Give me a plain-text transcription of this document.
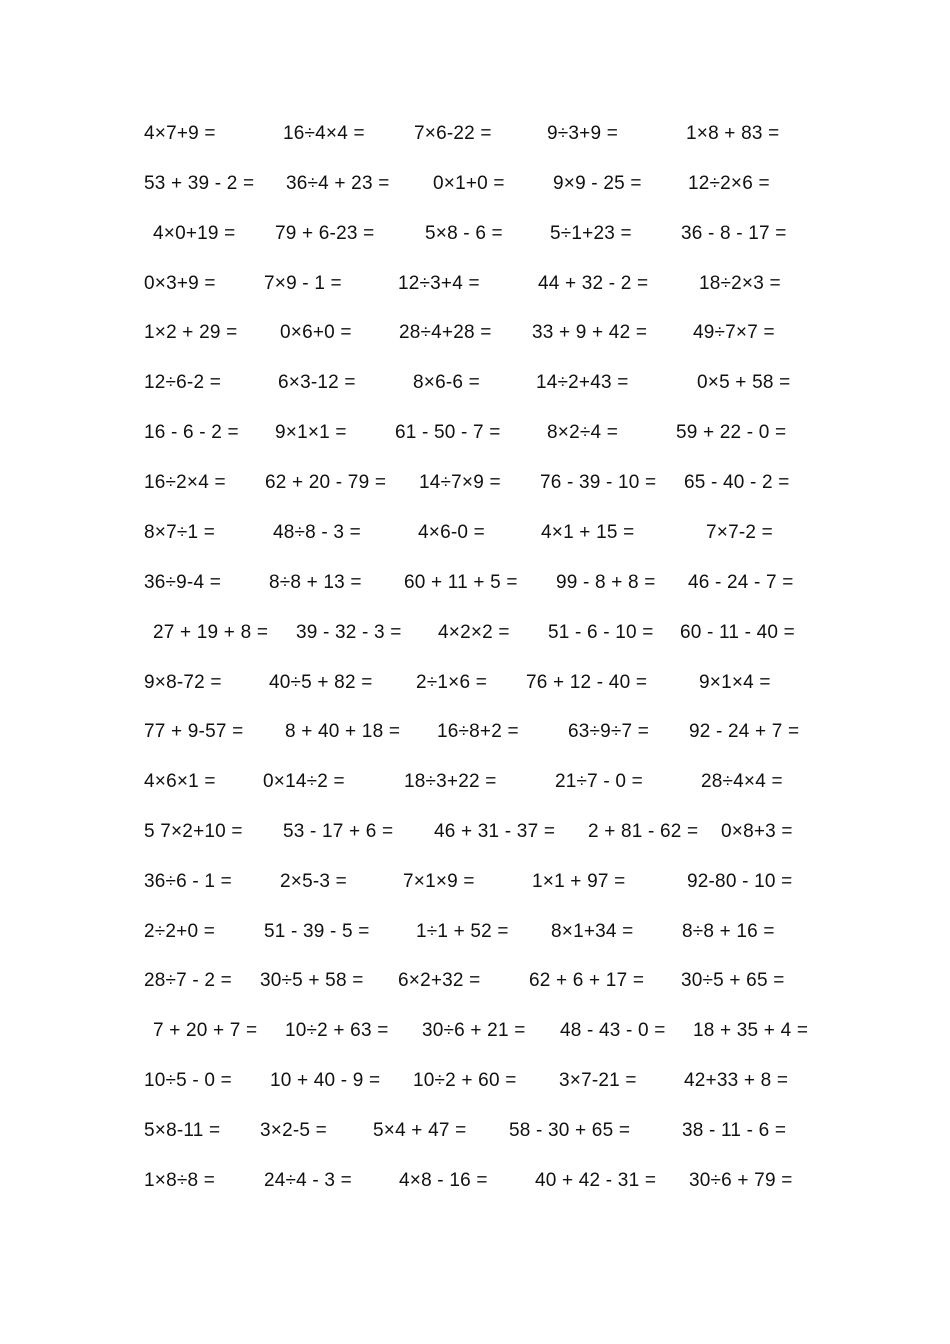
4×7+9 =	16÷4×4 =	7×6-22 =	9÷3+9 =	1×8 + 83 =
53 + 39 - 2 = 36÷4 + 23 = 0×1+0 =	9×9 - 25 = 12÷2×6 =
4×0+19 = 79 + 6-23 =	5×8 - 6 = 5÷1+23 =	36 - 8 - 17 =
0×3+9 =	7×9 - 1 =	12÷3+4 =	44 + 32 - 2 =	18÷2×3 =
1×2 + 29 = 0×6+0 = 28÷4+28 = 33 + 9 + 42 = 49÷7×7 =
12÷6-2 =	6×3-12 =	8×6-6 =	14÷2+43 =	0×5 + 58 =
16 - 6 - 2 = 9×1×1 =	61 - 50 - 7 = 8×2÷4 =	59 + 22 - 0 =
16÷2×4 = 62 + 20 - 79 = 14÷7×9 = 76 - 39 - 10 = 65 - 40 - 2 =
8×7÷1 =	48÷8 - 3 =	4×6-0 =	4×1 + 15 =	7×7-2 =
36÷9-4 =	8÷8 + 13 = 60 + 11 + 5 = 99 - 8 + 8 = 46 - 24 - 7 =
27 + 19 + 8 = 39 - 32 - 3 = 4×2×2 = 51 - 6 - 10 = 60 - 11 - 40 =
9×8-72 = 40÷5 + 82 = 2÷1×6 = 76 + 12 - 40 =	9×1×4 =
77 + 9-57 = 8 + 40 + 18 = 16÷8+2 =	63÷9÷7 = 92 - 24 + 7 =
4×6×1 = 0×14÷2 =	18÷3+22 =	21÷7 - 0 =	28÷4×4 =
5 7×2+10 = 53 - 17 + 6 = 46 + 31 - 37 = 2 + 81 - 62 = 0×8+3 =
36÷6 - 1 =	2×5-3 =	7×1×9 =	1×1 + 97 =	92-80 - 10 =
2÷2+0 =	51 - 39 - 5 = 1÷1 + 52 = 8×1+34 =	8÷8 + 16 =
28÷7 - 2 = 30÷5 + 58 = 6×2+32 =	62 + 6 + 17 = 30÷5 + 65 =
7 + 20 + 7 = 10÷2 + 63 = 30÷6 + 21 = 48 - 43 - 0 = 18 + 35 + 4 =
10÷5 - 0 = 10 + 40 - 9 = 10÷2 + 60 = 3×7-21 = 42+33 + 8 =
5×8-11 = 3×2-5 = 5×4 + 47 = 58 - 30 + 65 =	38 - 11 - 6 =
1×8÷8 =	24÷4 - 3 = 4×8 - 16 = 40 + 42 - 31 = 30÷6 + 79 =
